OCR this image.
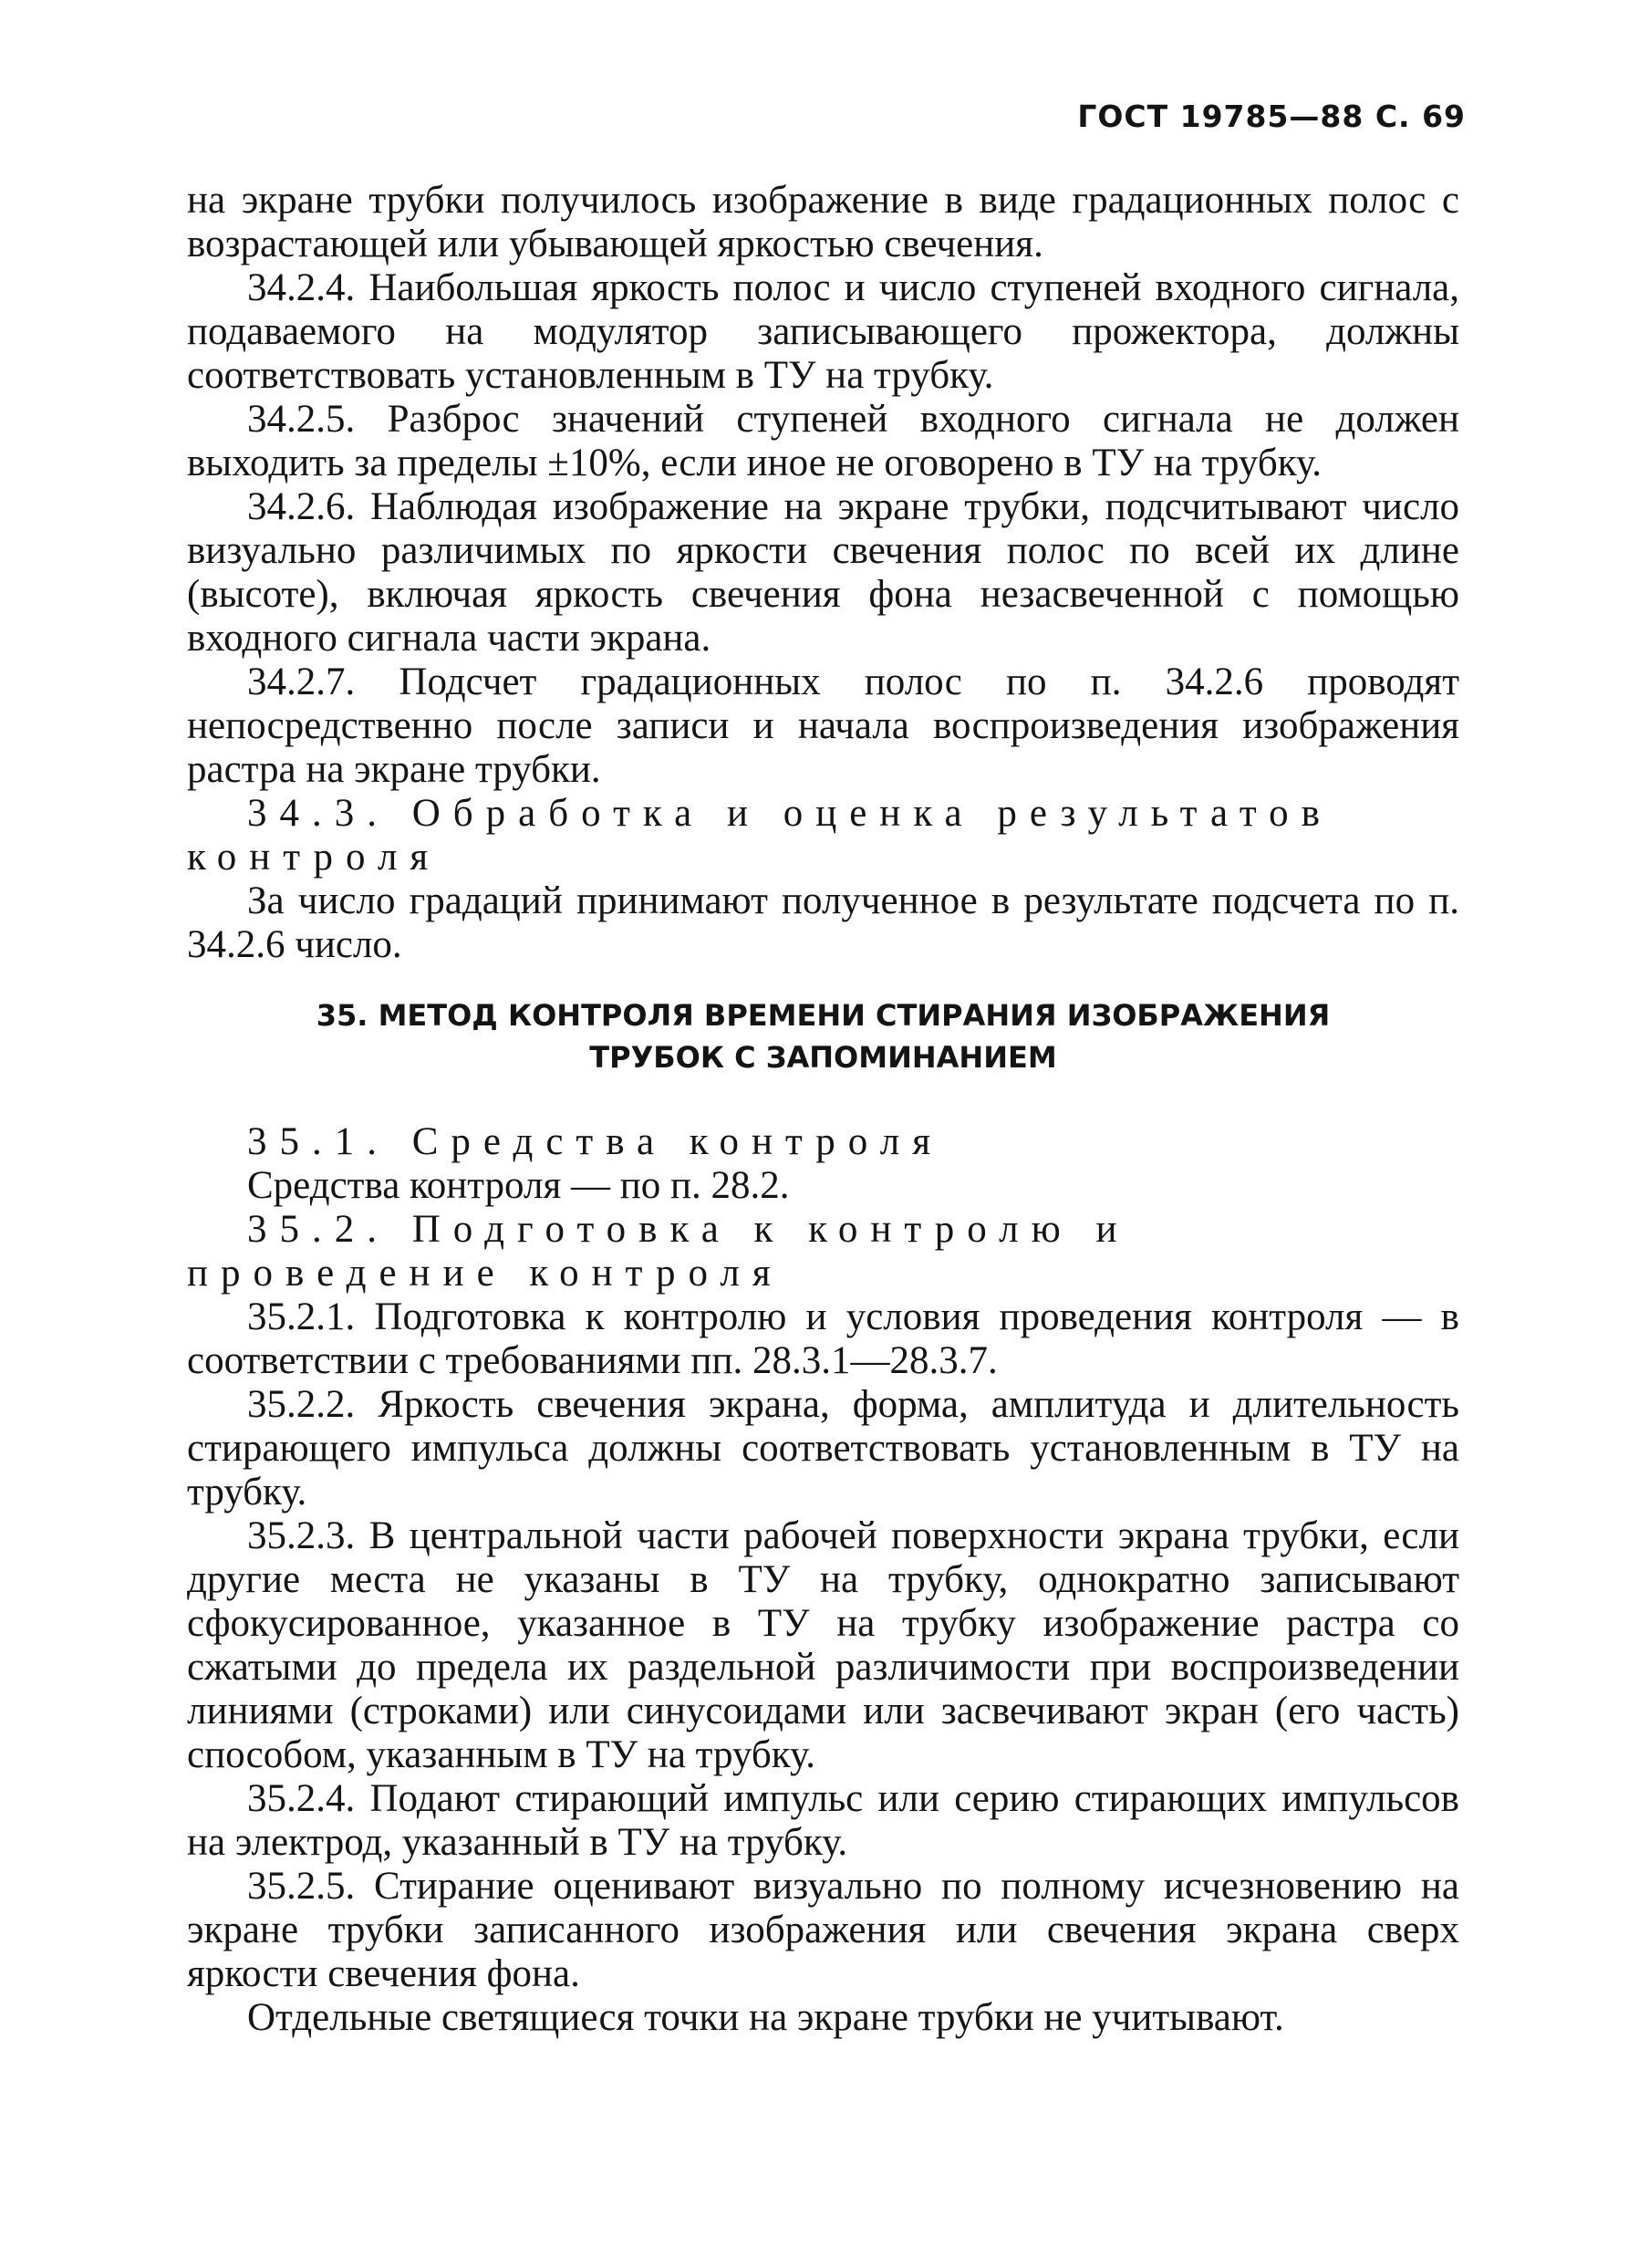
ГОСТ 19785—88 С. 69

на экране трубки получилось изображение в виде градационных полос с возрастающей или убывающей яркостью свечения.

34.2.4. Наибольшая яркость полос и число ступеней входного сигнала, подаваемого на модулятор записывающего прожектора, должны соответствовать установленным в ТУ на трубку.

34.2.5. Разброс значений ступеней входного сигнала не должен выходить за пределы ±10%, если иное не оговорено в ТУ на трубку.

34.2.6. Наблюдая изображение на экране трубки, подсчитывают число визуально различимых по яркости свечения полос по всей их длине (высоте), включая яркость свечения фона незасвеченной с помощью входного сигнала части экрана.

34.2.7. Подсчет градационных полос по п. 34.2.6 проводят непосредственно после записи и начала воспроизведения изображения растра на экране трубки.

34.3. Обработка и оценка результатов контроля

За число градаций принимают полученное в результате подсчета по п. 34.2.6 число.

35. МЕТОД КОНТРОЛЯ ВРЕМЕНИ СТИРАНИЯ ИЗОБРАЖЕНИЯ
ТРУБОК С ЗАПОМИНАНИЕМ

35.1. Средства контроля

Средства контроля — по п. 28.2.

35.2. Подготовка к контролю и проведение контроля

35.2.1. Подготовка к контролю и условия проведения контроля — в соответствии с требованиями пп. 28.3.1—28.3.7.

35.2.2. Яркость свечения экрана, форма, амплитуда и длительность стирающего импульса должны соответствовать установленным в ТУ на трубку.

35.2.3. В центральной части рабочей поверхности экрана трубки, если другие места не указаны в ТУ на трубку, однократно записывают сфокусированное, указанное в ТУ на трубку изображение растра со сжатыми до предела их раздельной различимости при воспроизведении линиями (строками) или синусоидами или засвечивают экран (его часть) способом, указанным в ТУ на трубку.

35.2.4. Подают стирающий импульс или серию стирающих импульсов на электрод, указанный в ТУ на трубку.

35.2.5. Стирание оценивают визуально по полному исчезновению на экране трубки записанного изображения или свечения экрана сверх яркости свечения фона.

Отдельные светящиеся точки на экране трубки не учитывают.
